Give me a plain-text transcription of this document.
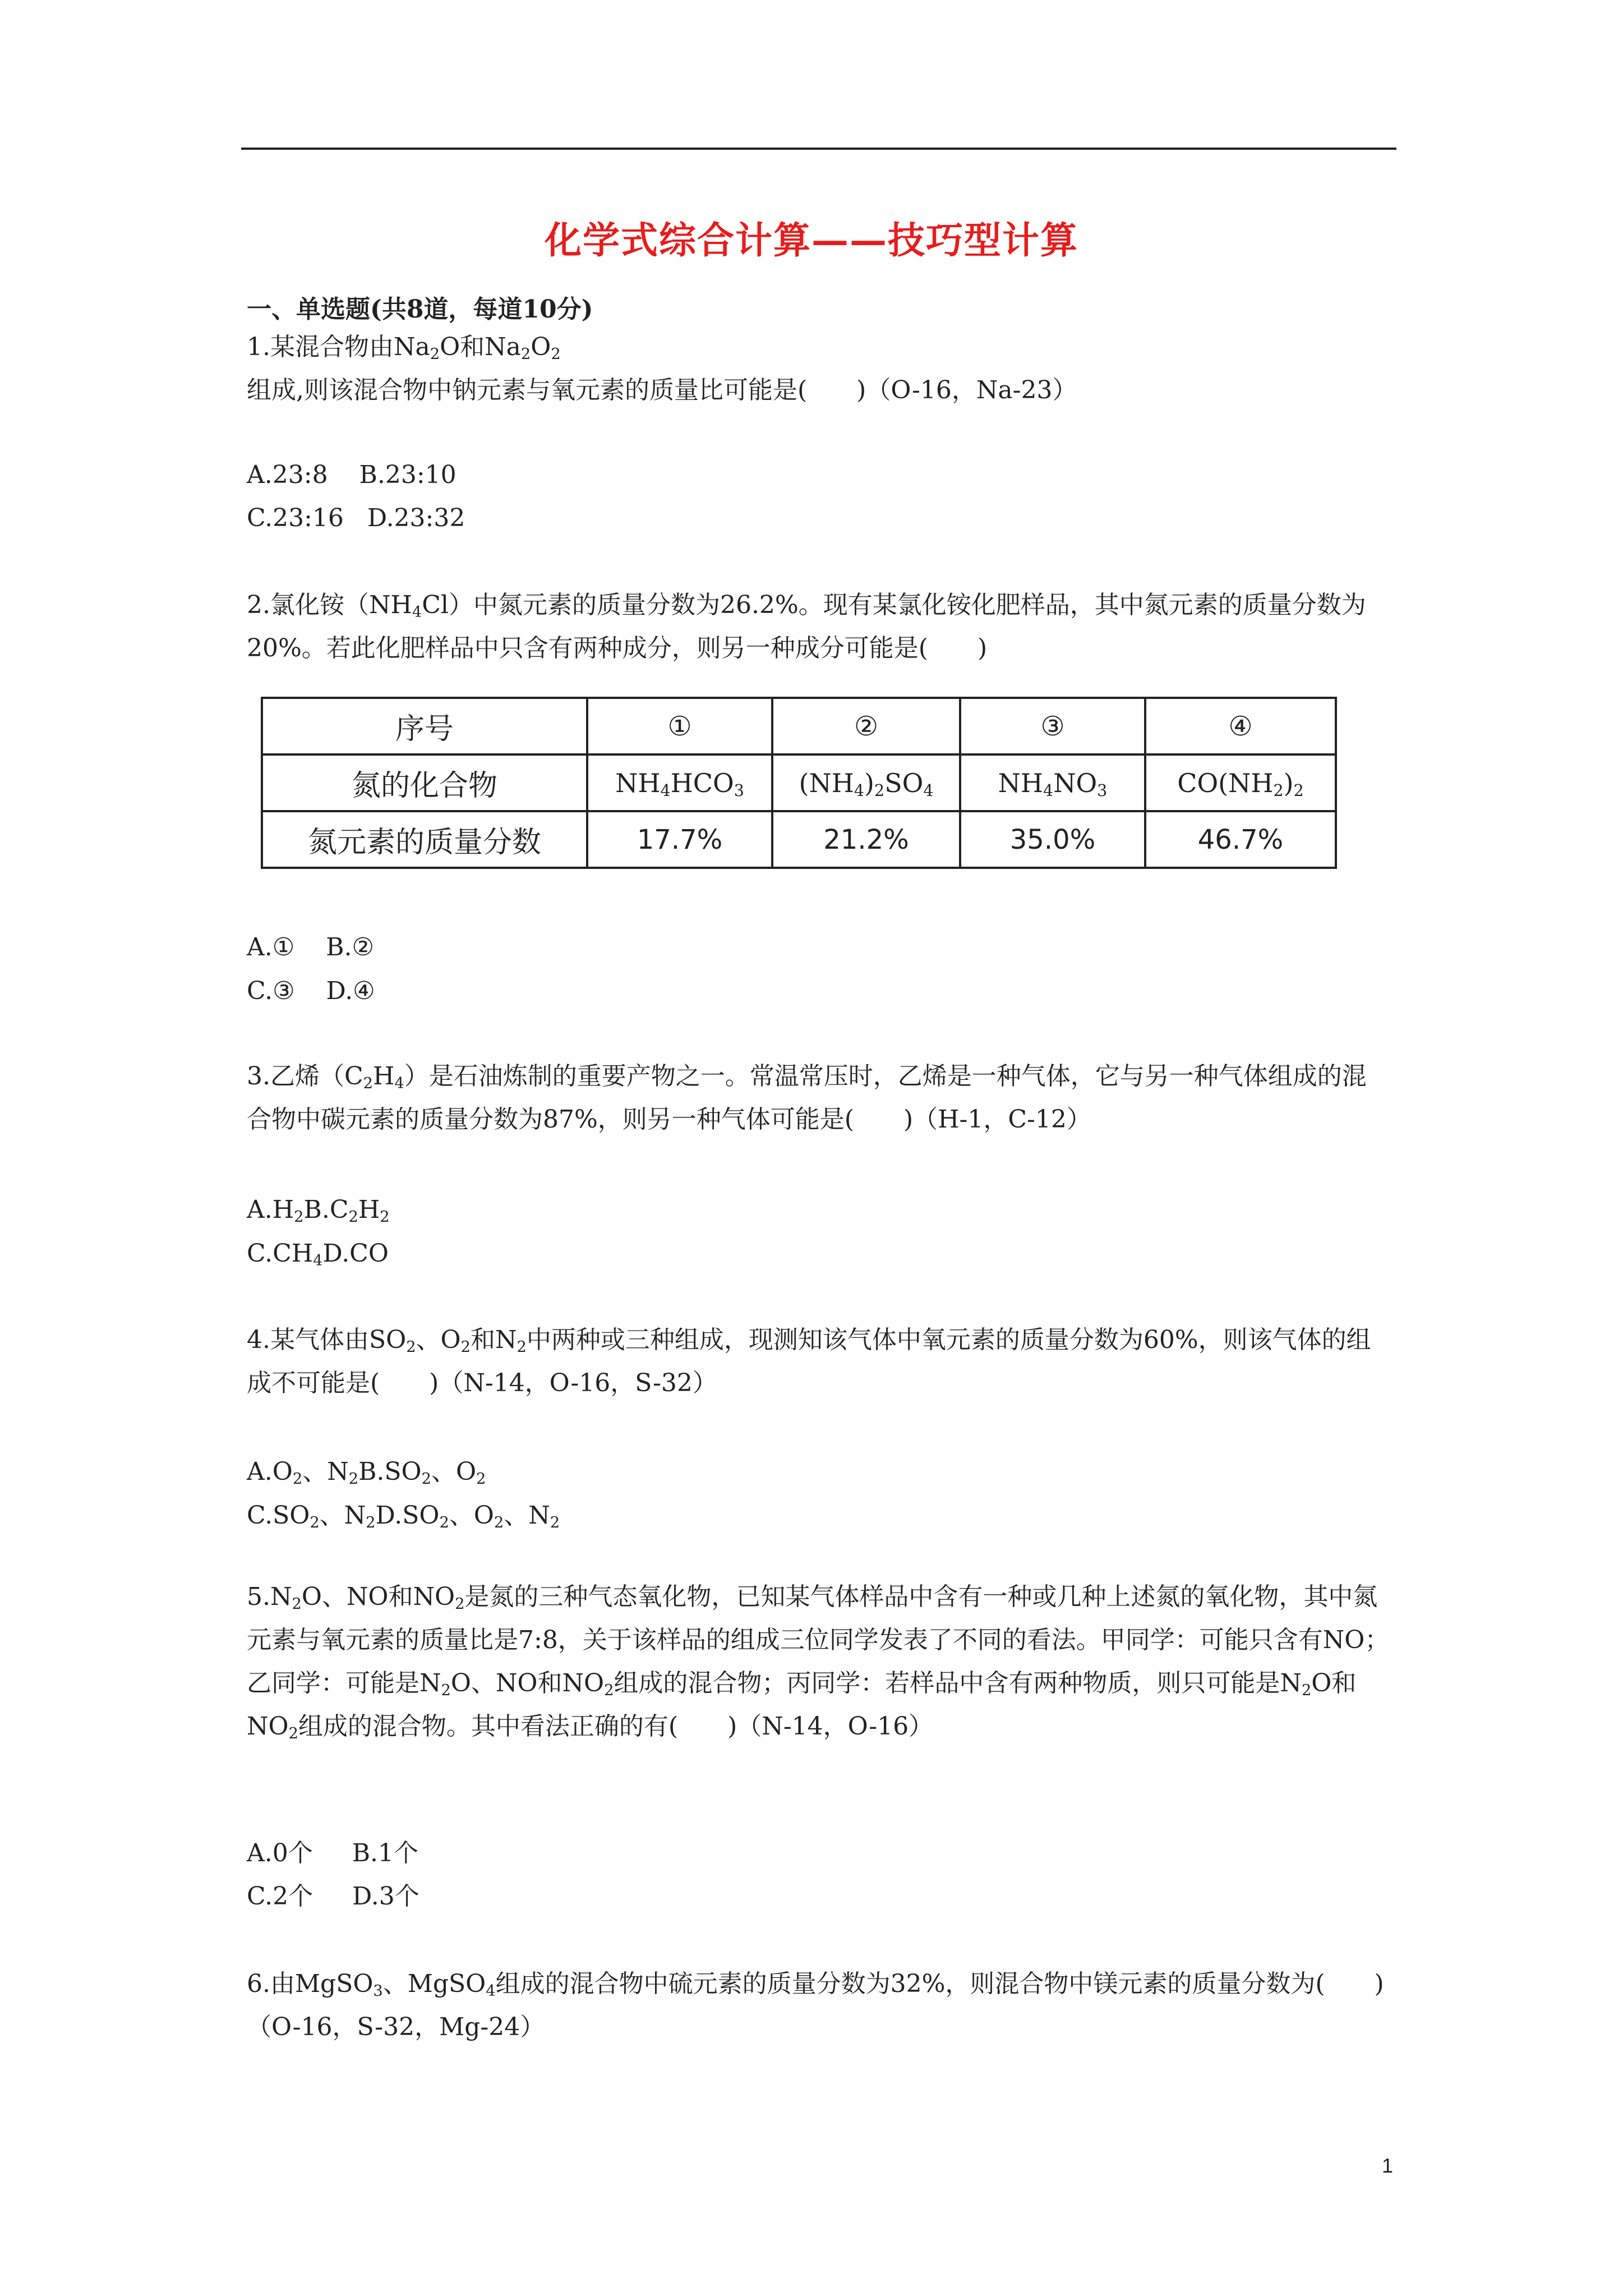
化学式综合计算——技巧型计算
一、单选题(共8道，每道10分)
1.某混合物由$Na_2O$和$Na_2O_2$组成,则该混合物中钠元素与氧元素的质量比可能是(　　)（O-16，Na-23）
A.23:8 B.23:10
C.23:16 D.23:32
2.氯化铵$(NH_4Cl)$中氮元素的质量分数为26.2%。现有某氯化铵化肥样品，其中氮元素的质量分数为20%。若此化肥样品中只含有两种成分，则另一种成分可能是(　　)
序号	①	②	③	④
氮的化合物	$NH_4HCO_3$	$(NH_4)_2SO_4$	$NH_4NO_3$	$CO(NH_2)_2$
氮元素的质量分数	17.7%	21.2%	35.0%	46.7%
A.① B.②
C.③ D.④
3.乙烯$(C_2H_4)$是石油炼制的重要产物之一。常温常压时，乙烯是一种气体，它与另一种气体组成的混合物中碳元素的质量分数为87%，则另一种气体可能是(　　)（H-1，C-12）
$A.H_2B.C_2H_2$
$C.CH_4D.CO$
4.某气体由$SO_2$、$O_2$和$N_2$中两种或三种组成，现测知该气体中氧元素的质量分数为60%，则该气体的组成不可能是(　　)（N-14，O-16，S-32）
$A.O_2$、$N_2B.SO_2$、$O_2$
$C.SO_2$、$N_2D.SO_2$、$O_2$、$N_2$
$5.N_2O$、NO和$NO_2$是氮的三种气态氧化物，已知某气体样品中含有一种或几种上述氮的氧化物，其中氮元素与氧元素的质量比是7:8，关于该样品的组成三位同学发表了不同的看法。甲同学：可能只含有NO；乙同学：可能是$N_2O$、NO和$NO_2$组成的混合物；丙同学：若样品中含有两种物质，则只可能是$N_2O$和$NO_2$组成的混合物。其中看法正确的有(　　)（N-14，O-16）
A.0个 B.1个
C.2个 D.3个
6.由MgSO$_3$、MgSO$_4$组成的混合物中硫元素的质量分数为32%，则混合物中镁元素的质量分数为(　　)（O-16，S-32，Mg-24）
1
